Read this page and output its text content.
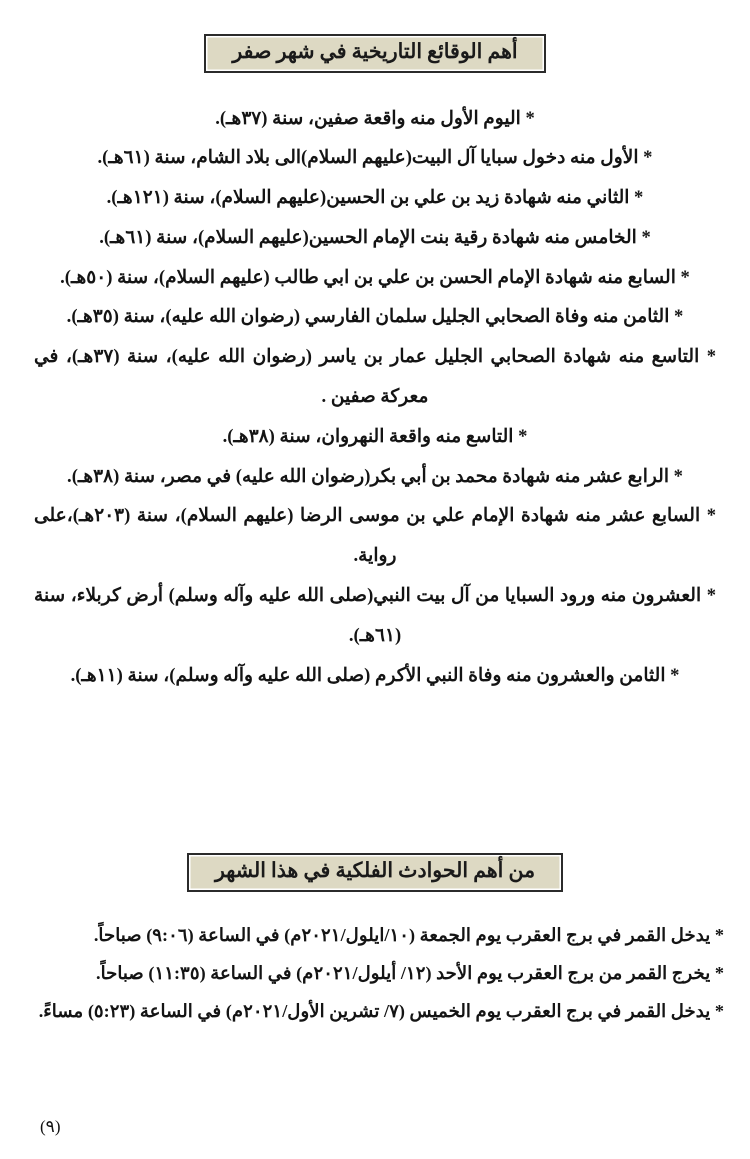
أهم الوقائع التاريخية في شهر صفر
* اليوم الأول منه واقعة صفين، سنة (٣٧هـ).
* الأول منه دخول سبايا آل البيت(عليهم السلام)الى بلاد الشام، سنة (٦١هـ).
* الثاني منه شهادة زيد بن علي بن الحسين(عليهم السلام)، سنة (١٢١هـ).
* الخامس منه شهادة رقية بنت الإمام الحسين(عليهم السلام)، سنة (٦١هـ).
* السابع منه شهادة الإمام الحسن بن علي بن ابي طالب (عليهم السلام)، سنة (٥٠هـ).
* الثامن منه وفاة الصحابي الجليل سلمان الفارسي (رضوان الله عليه)، سنة (٣٥هـ).
* التاسع منه شهادة الصحابي الجليل عمار بن ياسر (رضوان الله عليه)، سنة (٣٧هـ)، في معركة صفين .
* التاسع منه واقعة النهروان، سنة (٣٨هـ).
* الرابع عشر منه شهادة محمد بن أبي بكر(رضوان الله عليه) في مصر، سنة (٣٨هـ).
* السابع عشر منه شهادة الإمام علي بن موسى الرضا (عليهم السلام)، سنة (٢٠٣هـ)،على رواية.
* العشرون منه ورود السبايا من آل بيت النبي(صلى الله عليه وآله وسلم) أرض كربلاء، سنة (٦١هـ).
* الثامن والعشرون منه وفاة النبي الأكرم (صلى الله عليه وآله وسلم)، سنة (١١هـ).
من أهم الحوادث الفلكية في هذا الشهر
* يدخل القمر في برج العقرب يوم الجمعة (١٠/ايلول/٢٠٢١م) في الساعة (٩:٠٦) صباحاً.
* يخرج القمر من برج العقرب يوم الأحد (١٢/ أيلول/٢٠٢١م) في الساعة (١١:٣٥) صباحاً.
* يدخل القمر في برج العقرب يوم الخميس (٧/ تشرين الأول/٢٠٢١م) في الساعة (٥:٢٣) مساءً.
(٩)
